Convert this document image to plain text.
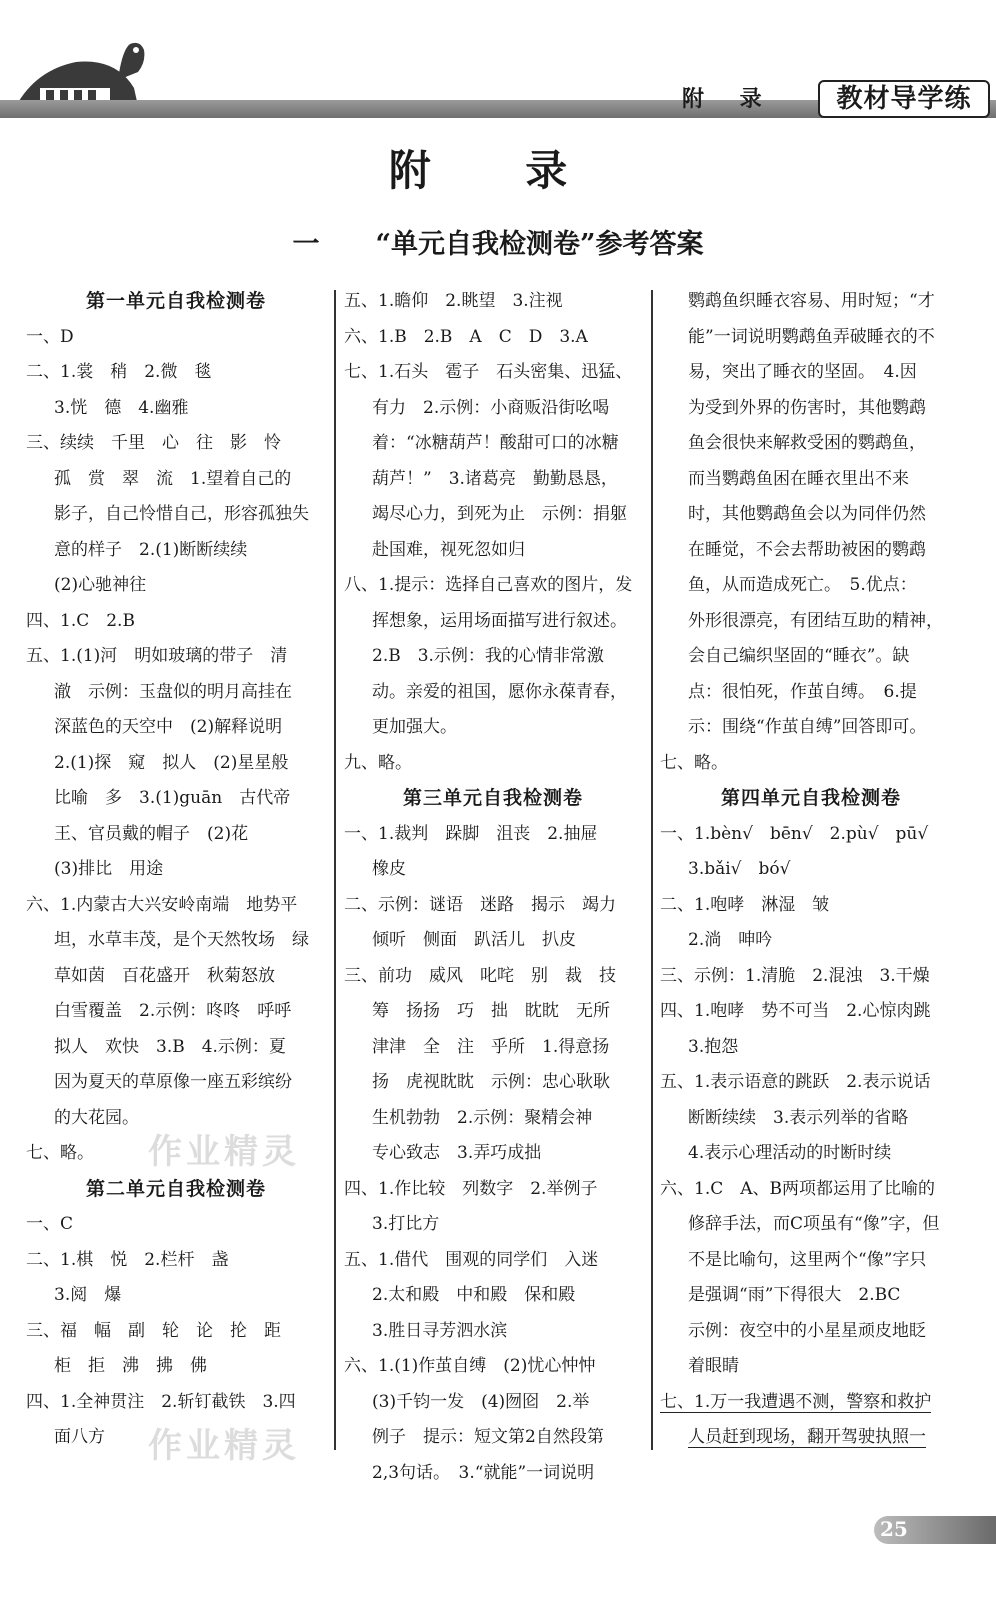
附 录	教材导学练
附 录
一 “单元自我检测卷”参考答案
第一单元自我检测卷
一、D
二、1.裳　稍　2.微　毯
3.恍　德　4.幽雅
三、续续　千里　心　往　影　怜
孤　赏　翠　流　1.望着自己的
影子，自己怜惜自己，形容孤独失
意的样子　2.(1)断断续续
(2)心驰神往
四、1.C　2.B
五、1.(1)河　明如玻璃的带子　清
澈　示例：玉盘似的明月高挂在
深蓝色的天空中　(2)解释说明
2.(1)探　窥　拟人　(2)星星般
比喻　多　3.(1)guān　古代帝
王、官员戴的帽子　(2)花
(3)排比　用途
六、1.内蒙古大兴安岭南端　地势平
坦，水草丰茂，是个天然牧场　绿
草如茵　百花盛开　秋菊怒放
白雪覆盖　2.示例：咚咚　呼呼
拟人　欢快　3.B　4.示例：夏
因为夏天的草原像一座五彩缤纷
的大花园。
七、略。
第二单元自我检测卷
一、C
二、1.棋　悦　2.栏杆　盏
3.阅　爆
三、福　幅　副　轮　论　抡　距
柜　拒　沸　拂　佛
四、1.全神贯注　2.斩钉截铁　3.四
面八方
五、1.瞻仰　2.眺望　3.注视
六、1.B　2.B　A　C　D　3.A
七、1.石头　雹子　石头密集、迅猛、
有力　2.示例：小商贩沿街吆喝
着：“冰糖葫芦！酸甜可口的冰糖
葫芦！”　3.诸葛亮　勤勤恳恳，
竭尽心力，到死为止　示例：捐躯
赴国难，视死忽如归
八、1.提示：选择自己喜欢的图片，发
挥想象，运用场面描写进行叙述。
2.B　3.示例：我的心情非常激
动。亲爱的祖国，愿你永葆青春，
更加强大。
九、略。
第三单元自我检测卷
一、1.裁判　跺脚　沮丧　2.抽屉
橡皮
二、示例：谜语　迷路　揭示　竭力
倾听　侧面　趴活儿　扒皮
三、前功　威风　叱咤　别　裁　技
筹　扬扬　巧　拙　眈眈　无所
津津　全　注　乎所　1.得意扬
扬　虎视眈眈　示例：忠心耿耿
生机勃勃　2.示例：聚精会神
专心致志　3.弄巧成拙
四、1.作比较　列数字　2.举例子
3.打比方
五、1.借代　围观的同学们　入迷
2.太和殿　中和殿　保和殿
3.胜日寻芳泗水滨
六、1.(1)作茧自缚　(2)忧心忡忡
(3)千钧一发　(4)囫囵　2.举
例子　提示：短文第2自然段第
2,3句话。　3.“就能”一词说明
鹦鹉鱼织睡衣容易、用时短；“才
能”一词说明鹦鹉鱼弄破睡衣的不
易，突出了睡衣的坚固。　4.因
为受到外界的伤害时，其他鹦鹉
鱼会很快来解救受困的鹦鹉鱼，
而当鹦鹉鱼困在睡衣里出不来
时，其他鹦鹉鱼会以为同伴仍然
在睡觉，不会去帮助被困的鹦鹉
鱼，从而造成死亡。　5.优点：
外形很漂亮，有团结互助的精神，
会自己编织坚固的“睡衣”。缺
点：很怕死，作茧自缚。　6.提
示：围绕“作茧自缚”回答即可。
七、略。
第四单元自我检测卷
一、1.bèn√　bēn√　2.pù√　pū√
3.bǎi√　bó√
二、1.咆哮　淋湿　皱
2.淌　呻吟
三、示例：1.清脆　2.混浊　3.干燥
四、1.咆哮　势不可当　2.心惊肉跳
3.抱怨
五、1.表示语意的跳跃　2.表示说话
断断续续　3.表示列举的省略
4.表示心理活动的时断时续
六、1.C　A、B两项都运用了比喻的
修辞手法，而C项虽有“像”字，但
不是比喻句，这里两个“像”字只
是强调“雨”下得很大　2.BC
示例：夜空中的小星星顽皮地眨
着眼睛
七、1.万一我遭遇不测，警察和救护
人员赶到现场，翻开驾驶执照一
作业精灵
作业精灵
25
